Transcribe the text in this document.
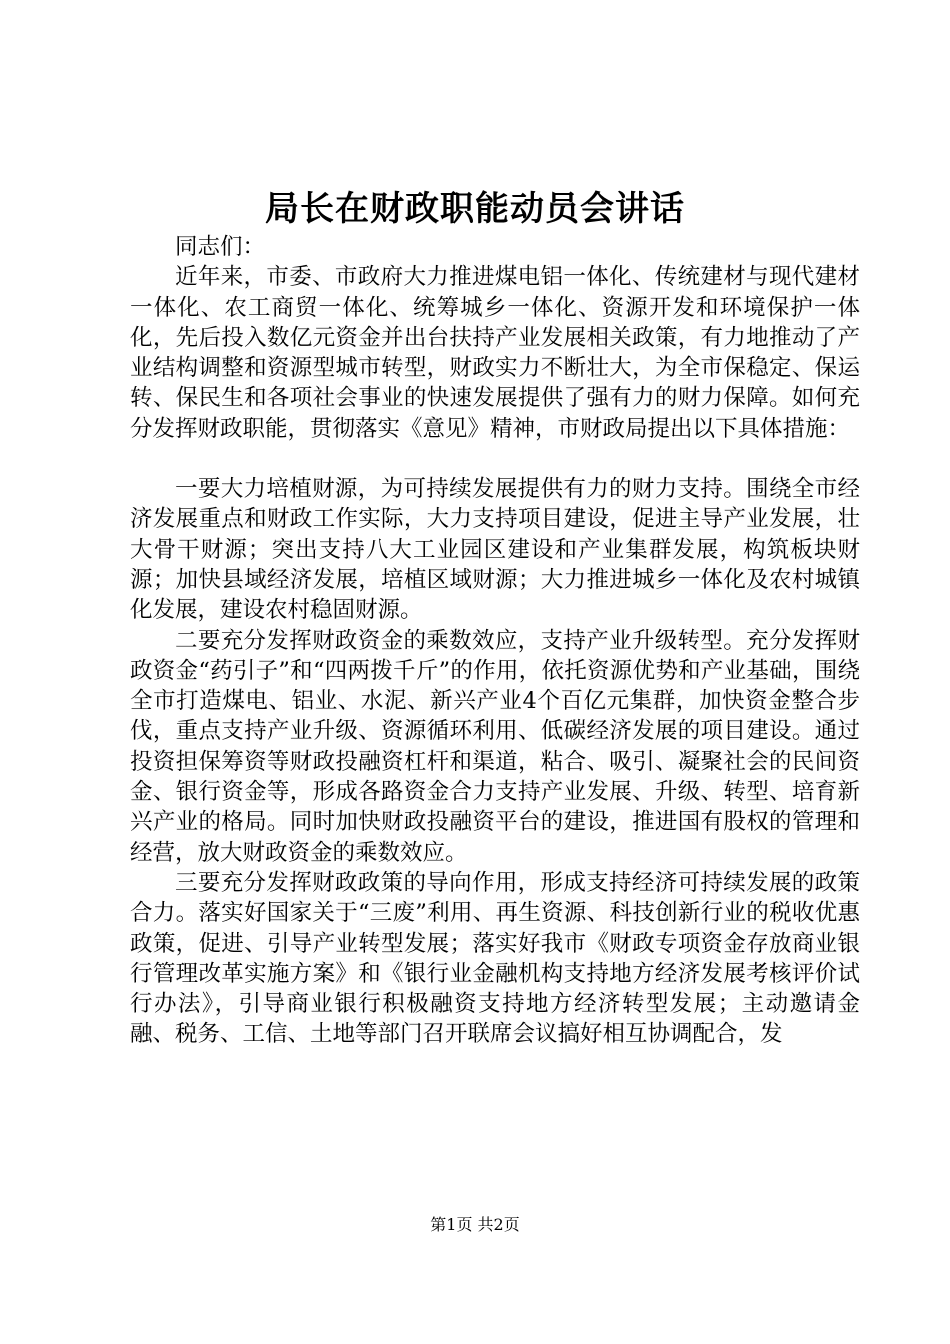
局长在财政职能动员会讲话

同志们：

近年来，市委、市政府大力推进煤电铝一体化、传统建材与现代建材一体化、农工商贸一体化、统筹城乡一体化、资源开发和环境保护一体化，先后投入数亿元资金并出台扶持产业发展相关政策，有力地推动了产业结构调整和资源型城市转型，财政实力不断壮大，为全市保稳定、保运转、保民生和各项社会事业的快速发展提供了强有力的财力保障。如何充分发挥财政职能，贯彻落实《意见》精神，市财政局提出以下具体措施：

一要大力培植财源，为可持续发展提供有力的财力支持。围绕全市经济发展重点和财政工作实际，大力支持项目建设，促进主导产业发展，壮大骨干财源；突出支持八大工业园区建设和产业集群发展，构筑板块财源；加快县域经济发展，培植区域财源；大力推进城乡一体化及农村城镇化发展，建设农村稳固财源。

二要充分发挥财政资金的乘数效应，支持产业升级转型。充分发挥财政资金“药引子”和“四两拨千斤”的作用，依托资源优势和产业基础，围绕全市打造煤电、铝业、水泥、新兴产业4个百亿元集群，加快资金整合步伐，重点支持产业升级、资源循环利用、低碳经济发展的项目建设。通过投资担保筹资等财政投融资杠杆和渠道，粘合、吸引、凝聚社会的民间资金、银行资金等，形成各路资金合力支持产业发展、升级、转型、培育新兴产业的格局。同时加快财政投融资平台的建设，推进国有股权的管理和经营，放大财政资金的乘数效应。

三要充分发挥财政政策的导向作用，形成支持经济可持续发展的政策合力。落实好国家关于“三废”利用、再生资源、科技创新行业的税收优惠政策，促进、引导产业转型发展；落实好我市《财政专项资金存放商业银行管理改革实施方案》和《银行业金融机构支持地方经济发展考核评价试行办法》，引导商业银行积极融资支持地方经济转型发展；主动邀请金融、税务、工信、土地等部门召开联席会议搞好相互协调配合，发

第1页 共2页
